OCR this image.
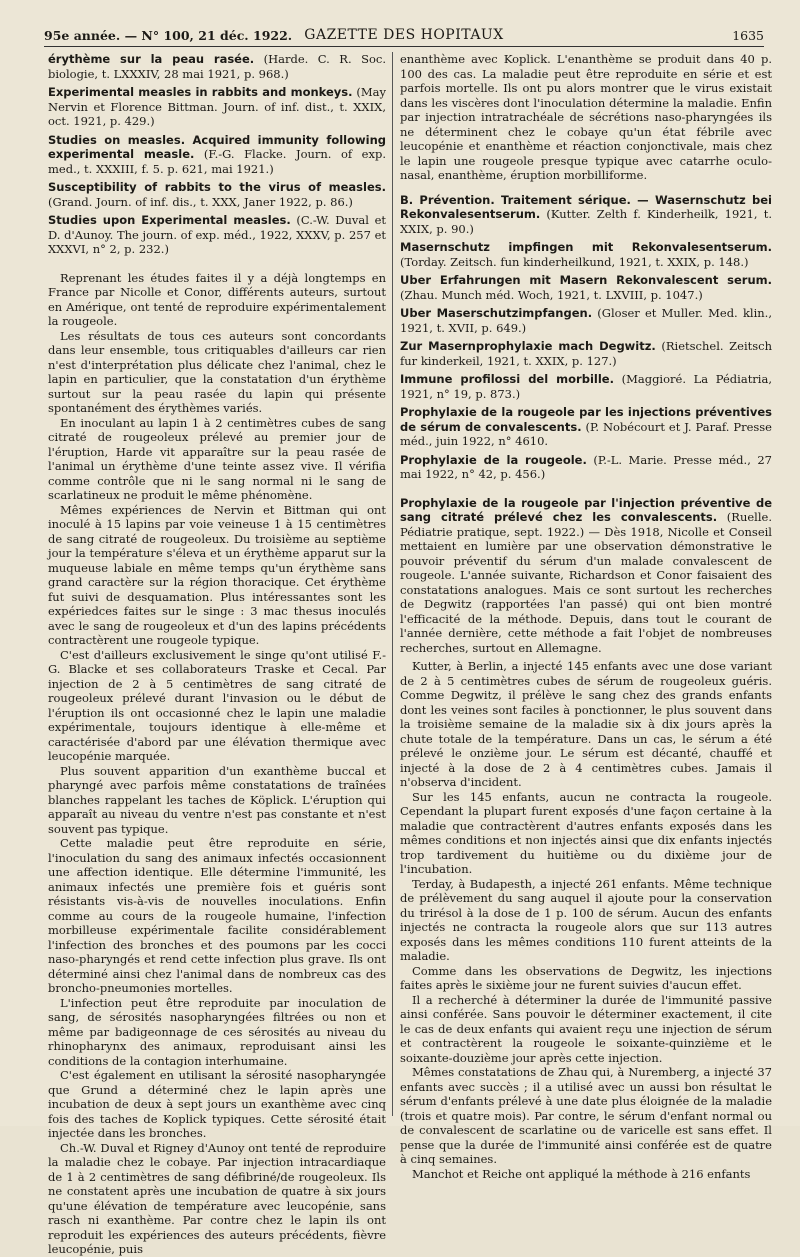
95e année. — N° 100, 21 déc. 1922. GAZETTE DES HOPITAUX	1635

érythème sur la peau rasée. (Harde. C. R. Soc. biologie, t. LXXXIV, 28 mai 1921, p. 968.)

Experimental measles in rabbits and monkeys. (May Nervin et Florence Bittman. Journ. of inf. dist., t. XXIX, oct. 1921, p. 429.)

Studies on measles. Acquired immunity following experimental measle. (F.-G. Flacke. Journ. of exp. med., t. XXXIII, f. 5. p. 621, mai 1921.)

Susceptibility of rabbits to the virus of measles. (Grand. Journ. of inf. dis., t. XXX, Janer 1922, p. 86.)

Studies upon Experimental measles. (C.-W. Duval et D. d'Aunoy. The journ. of exp. méd., 1922, XXXV, p. 257 et XXXVI, n° 2, p. 232.)

Reprenant les études faites il y a déjà longtemps en France par Nicolle et Conor, différents auteurs, surtout en Amérique, ont tenté de reproduire expérimentalement la rougeole.

Les résultats de tous ces auteurs sont concordants dans leur ensemble, tous critiquables d'ailleurs car rien n'est d'interprétation plus délicate chez l'animal, chez le lapin en particulier, que la constatation d'un érythème surtout sur la peau rasée du lapin qui présente spontanément des érythèmes variés.

En inoculant au lapin 1 à 2 centimètres cubes de sang citraté de rougeoleux prélevé au premier jour de l'éruption, Harde vit apparaître sur la peau rasée de l'animal un érythème d'une teinte assez vive. Il vérifia comme contrôle que ni le sang normal ni le sang de scarlatineux ne produit le même phénomène.

Mêmes expériences de Nervin et Bittman qui ont inoculé à 15 lapins par voie veineuse 1 à 15 centimètres de sang citraté de rougeoleux. Du troisième au septième jour la température s'éleva et un érythème apparut sur la muqueuse labiale en même temps qu'un érythème sans grand caractère sur la région thoracique. Cet érythème fut suivi de desquamation. Plus intéressantes sont les expériedces faites sur le singe : 3 mac thesus inoculés avec le sang de rougeoleux et d'un des lapins précédents contractèrent une rougeole typique.

C'est d'ailleurs exclusivement le singe qu'ont utilisé F.-G. Blacke et ses collaborateurs Traske et Cecal. Par injection de 2 à 5 centimètres de sang citraté de rougeoleux prélevé durant l'invasion ou le début de l'éruption ils ont occasionné chez le lapin une maladie expérimentale, toujours identique à elle-même et caractérisée d'abord par une élévation thermique avec leucopénie marquée.

Plus souvent apparition d'un exanthème buccal et pharyngé avec parfois même constatations de traînées blanches rappelant les taches de Köplick. L'éruption qui apparaît au niveau du ventre n'est pas constante et n'est souvent pas typique.

Cette maladie peut être reproduite en série, l'inoculation du sang des animaux infectés occasionnent une affection identique. Elle détermine l'immunité, les animaux infectés une première fois et guéris sont résistants vis-à-vis de nouvelles inoculations. Enfin comme au cours de la rougeole humaine, l'infection morbilleuse expérimentale facilite considérablement l'infection des bronches et des poumons par les cocci naso-pharyngés et rend cette infection plus grave. Ils ont déterminé ainsi chez l'animal dans de nombreux cas des broncho-pneumonies mortelles.

L'infection peut être reproduite par inoculation de sang, de sérosités nasopharyngées filtrées ou non et même par badigeonnage de ces sérosités au niveau du rhinopharynx des animaux, reproduisant ainsi les conditions de la contagion interhumaine.

C'est également en utilisant la sérosité nasopharyngée que Grund a déterminé chez le lapin après une incubation de deux à sept jours un exanthème avec cinq fois des taches de Koplick typiques. Cette sérosité était injectée dans les bronches.

Ch.-W. Duval et Rigney d'Aunoy ont tenté de reproduire la maladie chez le cobaye. Par injection intracardiaque de 1 à 2 centimètres de sang défibriné/de rougeoleux. Ils ne constatent après une incubation de quatre à six jours qu'une élévation de température avec leucopénie, sans rasch ni exanthème. Par contre chez le lapin ils ont reproduit les expériences des auteurs précédents, fièvre leucopénie, puis

enanthème avec Koplick. L'enanthème se produit dans 40 p. 100 des cas. La maladie peut être reproduite en série et est parfois mortelle. Ils ont pu alors montrer que le virus existait dans les viscères dont l'inoculation détermine la maladie. Enfin par injection intratrachéale de sécrétions naso-pharyngées ils ne déterminent chez le cobaye qu'un état fébrile avec leucopénie et enanthème et réaction conjonctivale, mais chez le lapin une rougeole presque typique avec catarrhe oculo-nasal, enanthème, éruption morbilliforme.

B. Prévention. Traitement sérique. — Wasernschutz bei Rekonvalesentserum. (Kutter. Zelth f. Kinderheilk, 1921, t. XXIX, p. 90.)

Masernschutz impfingen mit Rekonvalesentserum. (Torday. Zeitsch. fun kinderheilkund, 1921, t. XXIX, p. 148.)

Uber Erfahrungen mit Masern Rekonvalescent serum. (Zhau. Munch méd. Woch, 1921, t. LXVIII, p. 1047.)

Uber Maserschutzimpfangen. (Gloser et Muller. Med. klin., 1921, t. XVII, p. 649.)

Zur Masernprophylaxie mach Degwitz. (Rietschel. Zeitsch fur kinderkeil, 1921, t. XXIX, p. 127.)

Immune profilossi del morbille. (Maggioré. La Pédiatria, 1921, n° 19, p. 873.)

Prophylaxie de la rougeole par les injections préventives de sérum de convalescents. (P. Nobécourt et J. Paraf. Presse méd., juin 1922, n° 4610.

Prophylaxie de la rougeole. (P.-L. Marie. Presse méd., 27 mai 1922, n° 42, p. 456.)

Prophylaxie de la rougeole par l'injection préventive de sang citraté prélevé chez les convalescents. (Ruelle. Pédiatrie pratique, sept. 1922.) — Dès 1918, Nicolle et Conseil mettaient en lumière par une observation démonstrative le pouvoir préventif du sérum d'un malade convalescent de rougeole. L'année suivante, Richardson et Conor faisaient des constatations analogues. Mais ce sont surtout les recherches de Degwitz (rapportées l'an passé) qui ont bien montré l'efficacité de la méthode. Depuis, dans tout le courant de l'année dernière, cette méthode a fait l'objet de nombreuses recherches, surtout en Allemagne.

Kutter, à Berlin, a injecté 145 enfants avec une dose variant de 2 à 5 centimètres cubes de sérum de rougeoleux guéris. Comme Degwitz, il prélève le sang chez des grands enfants dont les veines sont faciles à ponctionner, le plus souvent dans la troisième semaine de la maladie six à dix jours après la chute totale de la température. Dans un cas, le sérum a été prélevé le onzième jour. Le sérum est décanté, chauffé et injecté à la dose de 2 à 4 centimètres cubes. Jamais il n'observa d'incident.

Sur les 145 enfants, aucun ne contracta la rougeole. Cependant la plupart furent exposés d'une façon certaine à la maladie que contractèrent d'autres enfants exposés dans les mêmes conditions et non injectés ainsi que dix enfants injectés trop tardivement du huitième ou du dixième jour de l'incubation.

Terday, à Budapesth, a injecté 261 enfants. Même technique de prélèvement du sang auquel il ajoute pour la conservation du trirésol à la dose de 1 p. 100 de sérum. Aucun des enfants injectés ne contracta la rougeole alors que sur 113 autres exposés dans les mêmes conditions 110 furent atteints de la maladie.

Comme dans les observations de Degwitz, les injections faites après le sixième jour ne furent suivies d'aucun effet.

Il a recherché à déterminer la durée de l'immunité passive ainsi conférée. Sans pouvoir le déterminer exactement, il cite le cas de deux enfants qui avaient reçu une injection de sérum et contractèrent la rougeole le soixante-quinzième et le soixante-douzième jour après cette injection.

Mêmes constatations de Zhau qui, à Nuremberg, a injecté 37 enfants avec succès ; il a utilisé avec un aussi bon résultat le sérum d'enfants prélevé à une date plus éloignée de la maladie (trois et quatre mois). Par contre, le sérum d'enfant normal ou de convalescent de scarlatine ou de varicelle est sans effet. Il pense que la durée de l'immunité ainsi conférée est de quatre à cinq semaines.

Manchot et Reiche ont appliqué la méthode à 216 enfants
